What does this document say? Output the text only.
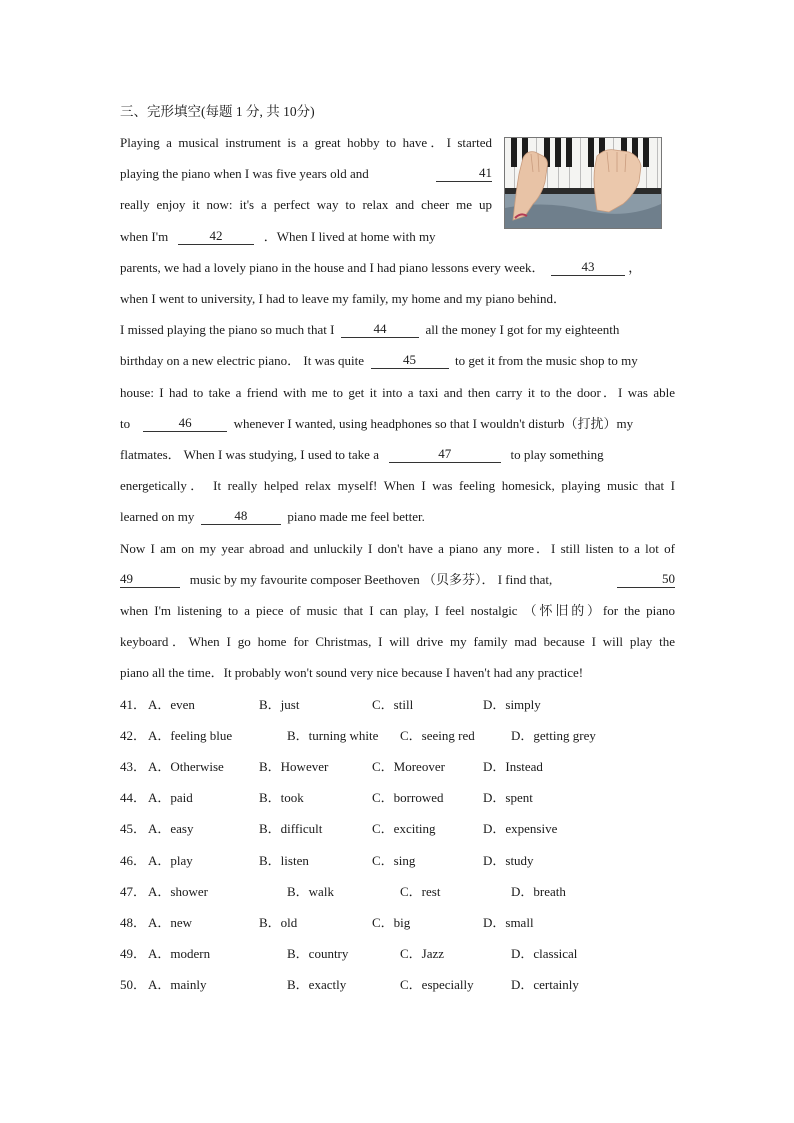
三、完形填空(每题 1 分, 共 10分)
Playing a musical instrument is a great hobby to have．I started
playing the piano when I was five years old and	41
really enjoy it now: it's a perfect way to relax and cheer me up
when I'm	42	．When I lived at home with my
parents, we had a lovely piano in the house and I had piano lessons every week．	43	，
when I went to university, I had to leave my family, my home and my piano behind．
I missed playing the piano so much that I	44	all the money I got for my eighteenth
birthday on a new electric piano． It was quite	45	to get it from the music shop to my
house: I had to take a friend with me to get it into a taxi and then carry it to the door．I was able
to	46	whenever I wanted, using headphones so that I wouldn't disturb（打扰）my
flatmates． When I was studying, I used to take a	47	to play something
energetically． It really helped relax myself! When I was feeling homesick, playing music that I
learned on my	48	piano made me feel better.
Now I am on my year abroad and unluckily I don't have a piano any more．I still listen to a lot of
49	music by my favourite composer Beethoven （贝多芬）． I find that,	50
when I'm listening to a piece of music that I can play, I feel nostalgic （怀旧的）for the piano
keyboard．When I go home for Christmas, I will drive my family mad because I will play the
piano all the time．It probably won't sound very nice because I haven't had any practice!
41． A．even	B．just	C．still	D．simply
42． A．feeling blue	B．turning white C．seeing red	D．getting grey
43． A．Otherwise	B．However	C．Moreover	D．Instead
44． A．paid	B．took	C．borrowed	D．spent
45． A．easy	B．difficult	C．exciting	D．expensive
46． A．play	B．listen	C．sing	D．study
47． A．shower	B．walk	C．rest	D．breath
48． A．new	B．old	C．big	D．small
49． A．modern	B．country	C．Jazz	D．classical
50． A．mainly	B．exactly	C．especially	D．certainly
